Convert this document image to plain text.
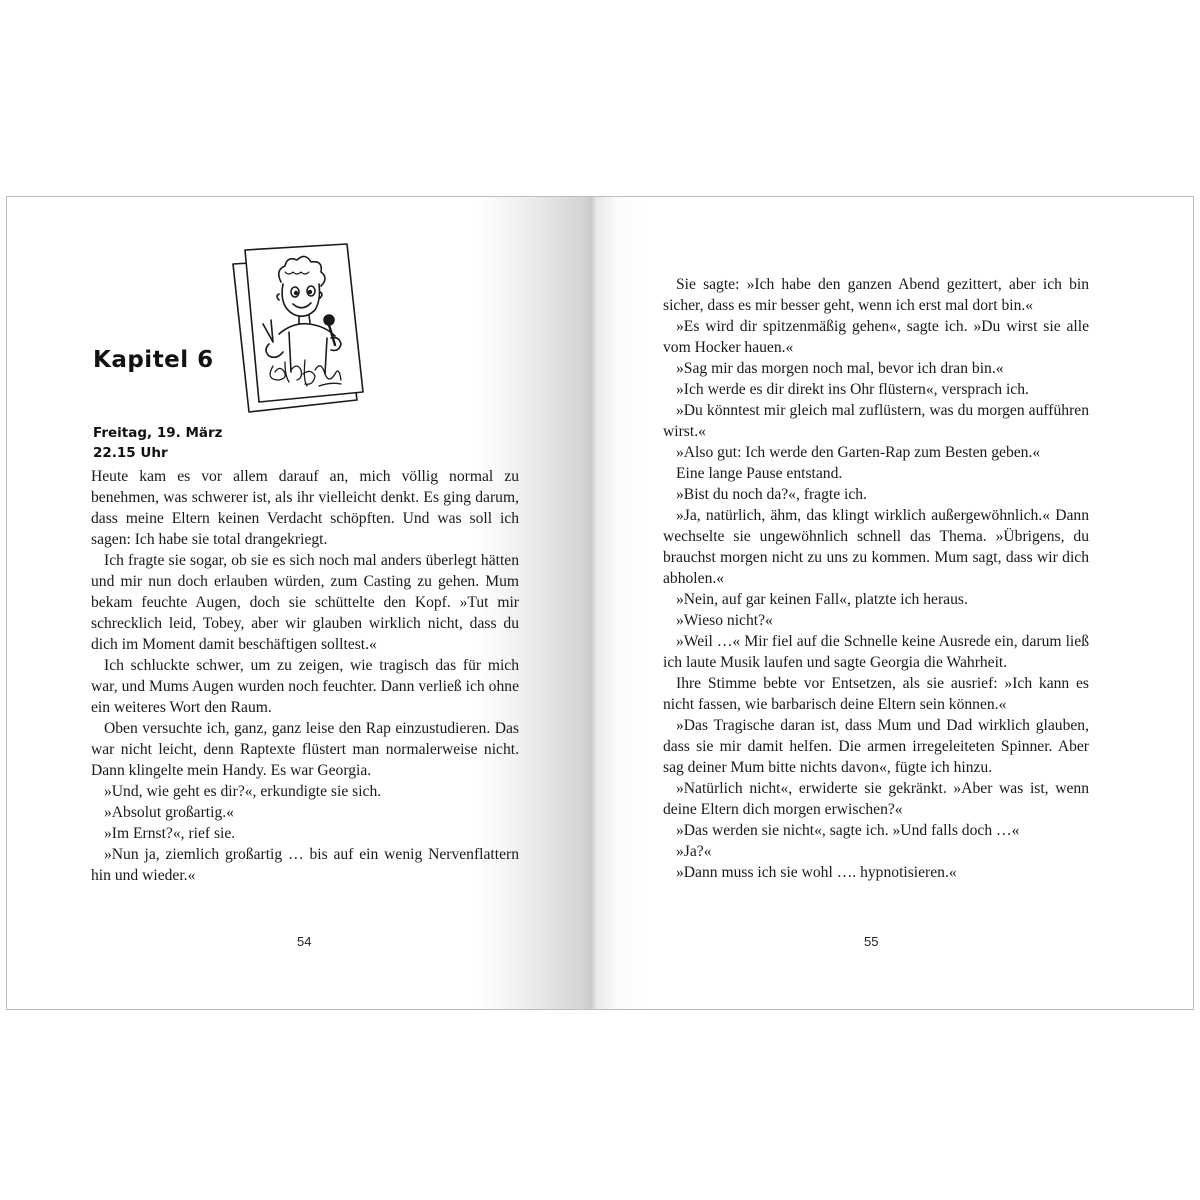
Kapitel 6
Freitag, 19. März
22.15 Uhr

Heute kam es vor allem darauf an, mich völlig normal zu benehmen, was schwerer ist, als ihr vielleicht denkt. Es ging darum, dass meine Eltern keinen Verdacht schöpften. Und was soll ich sagen: Ich habe sie total drangekriegt.

Ich fragte sie sogar, ob sie es sich noch mal anders überlegt hätten und mir nun doch erlauben würden, zum Casting zu gehen. Mum bekam feuchte Augen, doch sie schüttelte den Kopf. »Tut mir schrecklich leid, Tobey, aber wir glauben wirklich nicht, dass du dich im Moment damit beschäftigen solltest.«

Ich schluckte schwer, um zu zeigen, wie tragisch das für mich war, und Mums Augen wurden noch feuchter. Dann verließ ich ohne ein weiteres Wort den Raum.

Oben versuchte ich, ganz, ganz leise den Rap einzustudieren. Das war nicht leicht, denn Raptexte flüstert man normalerweise nicht. Dann klingelte mein Handy. Es war Georgia.

»Und, wie geht es dir?«, erkundigte sie sich.

»Absolut großartig.«

»Im Ernst?«, rief sie.

»Nun ja, ziemlich großartig … bis auf ein wenig Nervenflattern hin und wieder.«

54

Sie sagte: »Ich habe den ganzen Abend gezittert, aber ich bin sicher, dass es mir besser geht, wenn ich erst mal dort bin.«

»Es wird dir spitzenmäßig gehen«, sagte ich. »Du wirst sie alle vom Hocker hauen.«

»Sag mir das morgen noch mal, bevor ich dran bin.«

»Ich werde es dir direkt ins Ohr flüstern«, versprach ich.

»Du könntest mir gleich mal zuflüstern, was du morgen aufführen wirst.«

»Also gut: Ich werde den Garten-Rap zum Besten geben.«

Eine lange Pause entstand.

»Bist du noch da?«, fragte ich.

»Ja, natürlich, ähm, das klingt wirklich außergewöhnlich.« Dann wechselte sie ungewöhnlich schnell das Thema. »Übrigens, du brauchst morgen nicht zu uns zu kommen. Mum sagt, dass wir dich abholen.«

»Nein, auf gar keinen Fall«, platzte ich heraus.

»Wieso nicht?«

»Weil …« Mir fiel auf die Schnelle keine Ausrede ein, darum ließ ich laute Musik laufen und sagte Georgia die Wahrheit.

Ihre Stimme bebte vor Entsetzen, als sie ausrief: »Ich kann es nicht fassen, wie barbarisch deine Eltern sein können.«

»Das Tragische daran ist, dass Mum und Dad wirklich glauben, dass sie mir damit helfen. Die armen irregeleiteten Spinner. Aber sag deiner Mum bitte nichts davon«, fügte ich hinzu.

»Natürlich nicht«, erwiderte sie gekränkt. »Aber was ist, wenn deine Eltern dich morgen erwischen?«

»Das werden sie nicht«, sagte ich. »Und falls doch …«

»Ja?«

»Dann muss ich sie wohl …. hypnotisieren.«

55
